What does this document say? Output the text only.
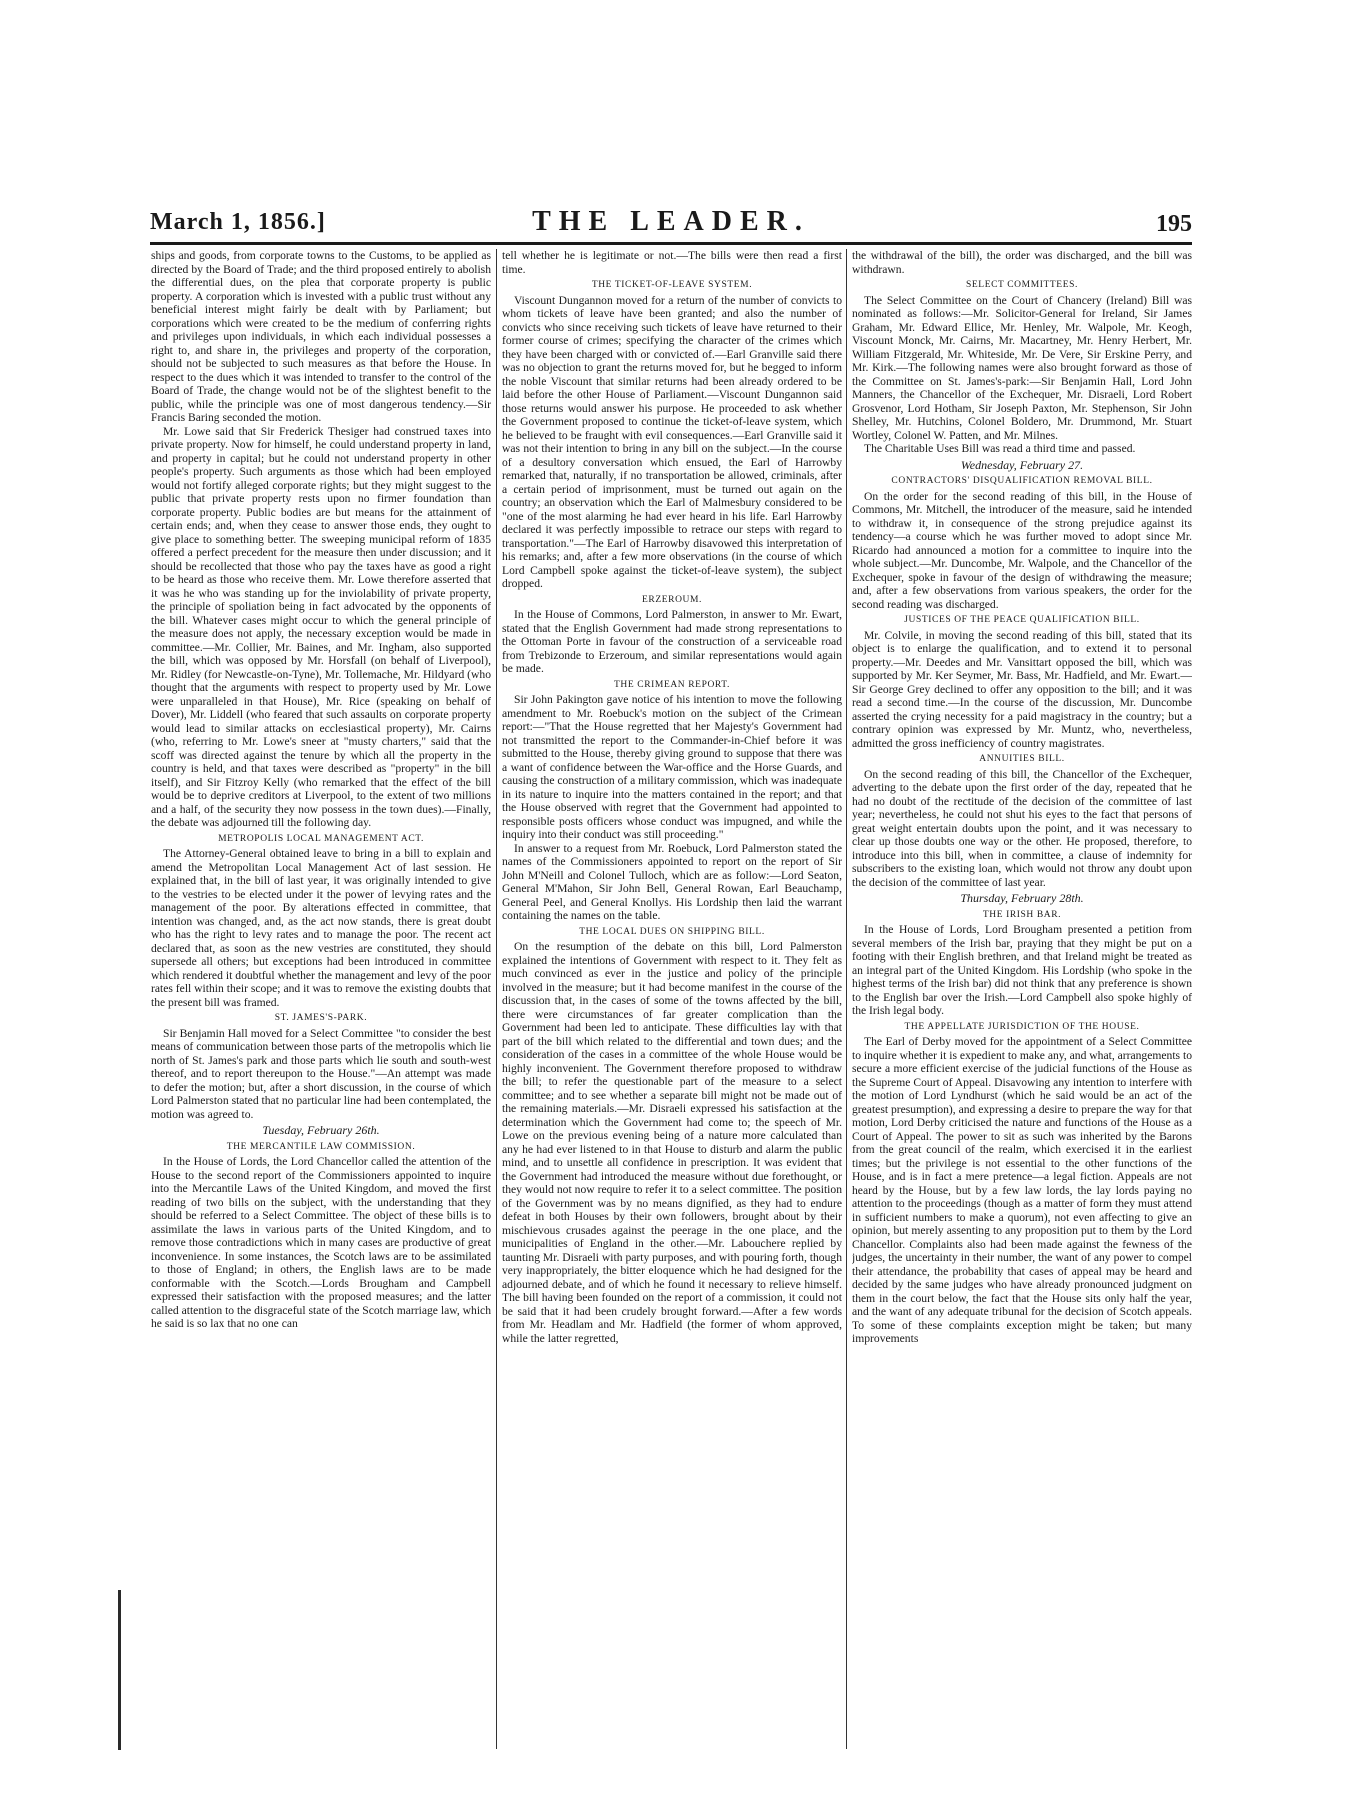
March 1, 1856.]	THE LEADER.	195

ships and goods, from corporate towns to the Customs, to be applied as directed by the Board of Trade; and the third proposed entirely to abolish the differential dues, on the plea that corporate property is public property. A corporation which is invested with a public trust without any beneficial interest might fairly be dealt with by Parliament; but corporations which were created to be the medium of conferring rights and privileges upon individuals, in which each individual possesses a right to, and share in, the privileges and property of the corporation, should not be subjected to such measures as that before the House. In respect to the dues which it was intended to transfer to the control of the Board of Trade, the change would not be of the slightest benefit to the public, while the principle was one of most dangerous tendency.—Sir Francis Baring seconded the motion.

Mr. Lowe said that Sir Frederick Thesiger had construed taxes into private property. Now for himself, he could understand property in land, and property in capital; but he could not understand property in other people's property. Such arguments as those which had been employed would not fortify alleged corporate rights; but they might suggest to the public that private property rests upon no firmer foundation than corporate property. Public bodies are but means for the attainment of certain ends; and, when they cease to answer those ends, they ought to give place to something better. The sweeping municipal reform of 1835 offered a perfect precedent for the measure then under discussion; and it should be recollected that those who pay the taxes have as good a right to be heard as those who receive them. Mr. Lowe therefore asserted that it was he who was standing up for the inviolability of private property, the principle of spoliation being in fact advocated by the opponents of the bill. Whatever cases might occur to which the general principle of the measure does not apply, the necessary exception would be made in committee.—Mr. Collier, Mr. Baines, and Mr. Ingham, also supported the bill, which was opposed by Mr. Horsfall (on behalf of Liverpool), Mr. Ridley (for Newcastle-on-Tyne), Mr. Tollemache, Mr. Hildyard (who thought that the arguments with respect to property used by Mr. Lowe were unparalleled in that House), Mr. Rice (speaking on behalf of Dover), Mr. Liddell (who feared that such assaults on corporate property would lead to similar attacks on ecclesiastical property), Mr. Cairns (who, referring to Mr. Lowe's sneer at "musty charters," said that the scoff was directed against the tenure by which all the property in the country is held, and that taxes were described as "property" in the bill itself), and Sir Fitzroy Kelly (who remarked that the effect of the bill would be to deprive creditors at Liverpool, to the extent of two millions and a half, of the security they now possess in the town dues).—Finally, the debate was adjourned till the following day.

METROPOLIS LOCAL MANAGEMENT ACT.

The Attorney-General obtained leave to bring in a bill to explain and amend the Metropolitan Local Management Act of last session. He explained that, in the bill of last year, it was originally intended to give to the vestries to be elected under it the power of levying rates and the management of the poor. By alterations effected in committee, that intention was changed, and, as the act now stands, there is great doubt who has the right to levy rates and to manage the poor. The recent act declared that, as soon as the new vestries are constituted, they should supersede all others; but exceptions had been introduced in committee which rendered it doubtful whether the management and levy of the poor rates fell within their scope; and it was to remove the existing doubts that the present bill was framed.

ST. JAMES'S-PARK.

Sir Benjamin Hall moved for a Select Committee "to consider the best means of communication between those parts of the metropolis which lie north of St. James's park and those parts which lie south and south-west thereof, and to report thereupon to the House."—An attempt was made to defer the motion; but, after a short discussion, in the course of which Lord Palmerston stated that no particular line had been contemplated, the motion was agreed to.

Tuesday, February 26th.
THE MERCANTILE LAW COMMISSION.

In the House of Lords, the Lord Chancellor called the attention of the House to the second report of the Commissioners appointed to inquire into the Mercantile Laws of the United Kingdom, and moved the first reading of two bills on the subject, with the understanding that they should be referred to a Select Committee. The object of these bills is to assimilate the laws in various parts of the United Kingdom, and to remove those contradictions which in many cases are productive of great inconvenience. In some instances, the Scotch laws are to be assimilated to those of England; in others, the English laws are to be made conformable with the Scotch.—Lords Brougham and Campbell expressed their satisfaction with the proposed measures; and the latter called attention to the disgraceful state of the Scotch marriage law, which he said is so lax that no one can

tell whether he is legitimate or not.—The bills were then read a first time.

THE TICKET-OF-LEAVE SYSTEM.

Viscount Dungannon moved for a return of the number of convicts to whom tickets of leave have been granted; and also the number of convicts who since receiving such tickets of leave have returned to their former course of crimes; specifying the character of the crimes which they have been charged with or convicted of.—Earl Granville said there was no objection to grant the returns moved for, but he begged to inform the noble Viscount that similar returns had been already ordered to be laid before the other House of Parliament.—Viscount Dungannon said those returns would answer his purpose. He proceeded to ask whether the Government proposed to continue the ticket-of-leave system, which he believed to be fraught with evil consequences.—Earl Granville said it was not their intention to bring in any bill on the subject.—In the course of a desultory conversation which ensued, the Earl of Harrowby remarked that, naturally, if no transportation be allowed, criminals, after a certain period of imprisonment, must be turned out again on the country; an observation which the Earl of Malmesbury considered to be "one of the most alarming he had ever heard in his life. Earl Harrowby declared it was perfectly impossible to retrace our steps with regard to transportation."—The Earl of Harrowby disavowed this interpretation of his remarks; and, after a few more observations (in the course of which Lord Campbell spoke against the ticket-of-leave system), the subject dropped.

ERZEROUM.

In the House of Commons, Lord Palmerston, in answer to Mr. Ewart, stated that the English Government had made strong representations to the Ottoman Porte in favour of the construction of a serviceable road from Trebizonde to Erzeroum, and similar representations would again be made.

THE CRIMEAN REPORT.

Sir John Pakington gave notice of his intention to move the following amendment to Mr. Roebuck's motion on the subject of the Crimean report:—"That the House regretted that her Majesty's Government had not transmitted the report to the Commander-in-Chief before it was submitted to the House, thereby giving ground to suppose that there was a want of confidence between the War-office and the Horse Guards, and causing the construction of a military commission, which was inadequate in its nature to inquire into the matters contained in the report; and that the House observed with regret that the Government had appointed to responsible posts officers whose conduct was impugned, and while the inquiry into their conduct was still proceeding."

In answer to a request from Mr. Roebuck, Lord Palmerston stated the names of the Commissioners appointed to report on the report of Sir John M'Neill and Colonel Tulloch, which are as follow:—Lord Seaton, General M'Mahon, Sir John Bell, General Rowan, Earl Beauchamp, General Peel, and General Knollys. His Lordship then laid the warrant containing the names on the table.

THE LOCAL DUES ON SHIPPING BILL.

On the resumption of the debate on this bill, Lord Palmerston explained the intentions of Government with respect to it. They felt as much convinced as ever in the justice and policy of the principle involved in the measure; but it had become manifest in the course of the discussion that, in the cases of some of the towns affected by the bill, there were circumstances of far greater complication than the Government had been led to anticipate. These difficulties lay with that part of the bill which related to the differential and town dues; and the consideration of the cases in a committee of the whole House would be highly inconvenient. The Government therefore proposed to withdraw the bill; to refer the questionable part of the measure to a select committee; and to see whether a separate bill might not be made out of the remaining materials.—Mr. Disraeli expressed his satisfaction at the determination which the Government had come to; the speech of Mr. Lowe on the previous evening being of a nature more calculated than any he had ever listened to in that House to disturb and alarm the public mind, and to unsettle all confidence in prescription. It was evident that the Government had introduced the measure without due forethought, or they would not now require to refer it to a select committee. The position of the Government was by no means dignified, as they had to endure defeat in both Houses by their own followers, brought about by their mischievous crusades against the peerage in the one place, and the municipalities of England in the other.—Mr. Labouchere replied by taunting Mr. Disraeli with party purposes, and with pouring forth, though very inappropriately, the bitter eloquence which he had designed for the adjourned debate, and of which he found it necessary to relieve himself. The bill having been founded on the report of a commission, it could not be said that it had been crudely brought forward.—After a few words from Mr. Headlam and Mr. Hadfield (the former of whom approved, while the latter regretted,

the withdrawal of the bill), the order was discharged, and the bill was withdrawn.

SELECT COMMITTEES.

The Select Committee on the Court of Chancery (Ireland) Bill was nominated as follows:—Mr. Solicitor-General for Ireland, Sir James Graham, Mr. Edward Ellice, Mr. Henley, Mr. Walpole, Mr. Keogh, Viscount Monck, Mr. Cairns, Mr. Macartney, Mr. Henry Herbert, Mr. William Fitzgerald, Mr. Whiteside, Mr. De Vere, Sir Erskine Perry, and Mr. Kirk.—The following names were also brought forward as those of the Committee on St. James's-park:—Sir Benjamin Hall, Lord John Manners, the Chancellor of the Exchequer, Mr. Disraeli, Lord Robert Grosvenor, Lord Hotham, Sir Joseph Paxton, Mr. Stephenson, Sir John Shelley, Mr. Hutchins, Colonel Boldero, Mr. Drummond, Mr. Stuart Wortley, Colonel W. Patten, and Mr. Milnes.

The Charitable Uses Bill was read a third time and passed.

Wednesday, February 27.
CONTRACTORS' DISQUALIFICATION REMOVAL BILL.

On the order for the second reading of this bill, in the House of Commons, Mr. Mitchell, the introducer of the measure, said he intended to withdraw it, in consequence of the strong prejudice against its tendency—a course which he was further moved to adopt since Mr. Ricardo had announced a motion for a committee to inquire into the whole subject.—Mr. Duncombe, Mr. Walpole, and the Chancellor of the Exchequer, spoke in favour of the design of withdrawing the measure; and, after a few observations from various speakers, the order for the second reading was discharged.

JUSTICES OF THE PEACE QUALIFICATION BILL.

Mr. Colvile, in moving the second reading of this bill, stated that its object is to enlarge the qualification, and to extend it to personal property.—Mr. Deedes and Mr. Vansittart opposed the bill, which was supported by Mr. Ker Seymer, Mr. Bass, Mr. Hadfield, and Mr. Ewart.—Sir George Grey declined to offer any opposition to the bill; and it was read a second time.—In the course of the discussion, Mr. Duncombe asserted the crying necessity for a paid magistracy in the country; but a contrary opinion was expressed by Mr. Muntz, who, nevertheless, admitted the gross inefficiency of country magistrates.

ANNUITIES BILL.

On the second reading of this bill, the Chancellor of the Exchequer, adverting to the debate upon the first order of the day, repeated that he had no doubt of the rectitude of the decision of the committee of last year; nevertheless, he could not shut his eyes to the fact that persons of great weight entertain doubts upon the point, and it was necessary to clear up those doubts one way or the other. He proposed, therefore, to introduce into this bill, when in committee, a clause of indemnity for subscribers to the existing loan, which would not throw any doubt upon the decision of the committee of last year.

Thursday, February 28th.
THE IRISH BAR.

In the House of Lords, Lord Brougham presented a petition from several members of the Irish bar, praying that they might be put on a footing with their English brethren, and that Ireland might be treated as an integral part of the United Kingdom. His Lordship (who spoke in the highest terms of the Irish bar) did not think that any preference is shown to the English bar over the Irish.—Lord Campbell also spoke highly of the Irish legal body.

THE APPELLATE JURISDICTION OF THE HOUSE.

The Earl of Derby moved for the appointment of a Select Committee to inquire whether it is expedient to make any, and what, arrangements to secure a more efficient exercise of the judicial functions of the House as the Supreme Court of Appeal. Disavowing any intention to interfere with the motion of Lord Lyndhurst (which he said would be an act of the greatest presumption), and expressing a desire to prepare the way for that motion, Lord Derby criticised the nature and functions of the House as a Court of Appeal. The power to sit as such was inherited by the Barons from the great council of the realm, which exercised it in the earliest times; but the privilege is not essential to the other functions of the House, and is in fact a mere pretence—a legal fiction. Appeals are not heard by the House, but by a few law lords, the lay lords paying no attention to the proceedings (though as a matter of form they must attend in sufficient numbers to make a quorum), not even affecting to give an opinion, but merely assenting to any proposition put to them by the Lord Chancellor. Complaints also had been made against the fewness of the judges, the uncertainty in their number, the want of any power to compel their attendance, the probability that cases of appeal may be heard and decided by the same judges who have already pronounced judgment on them in the court below, the fact that the House sits only half the year, and the want of any adequate tribunal for the decision of Scotch appeals. To some of these complaints exception might be taken; but many improvements
